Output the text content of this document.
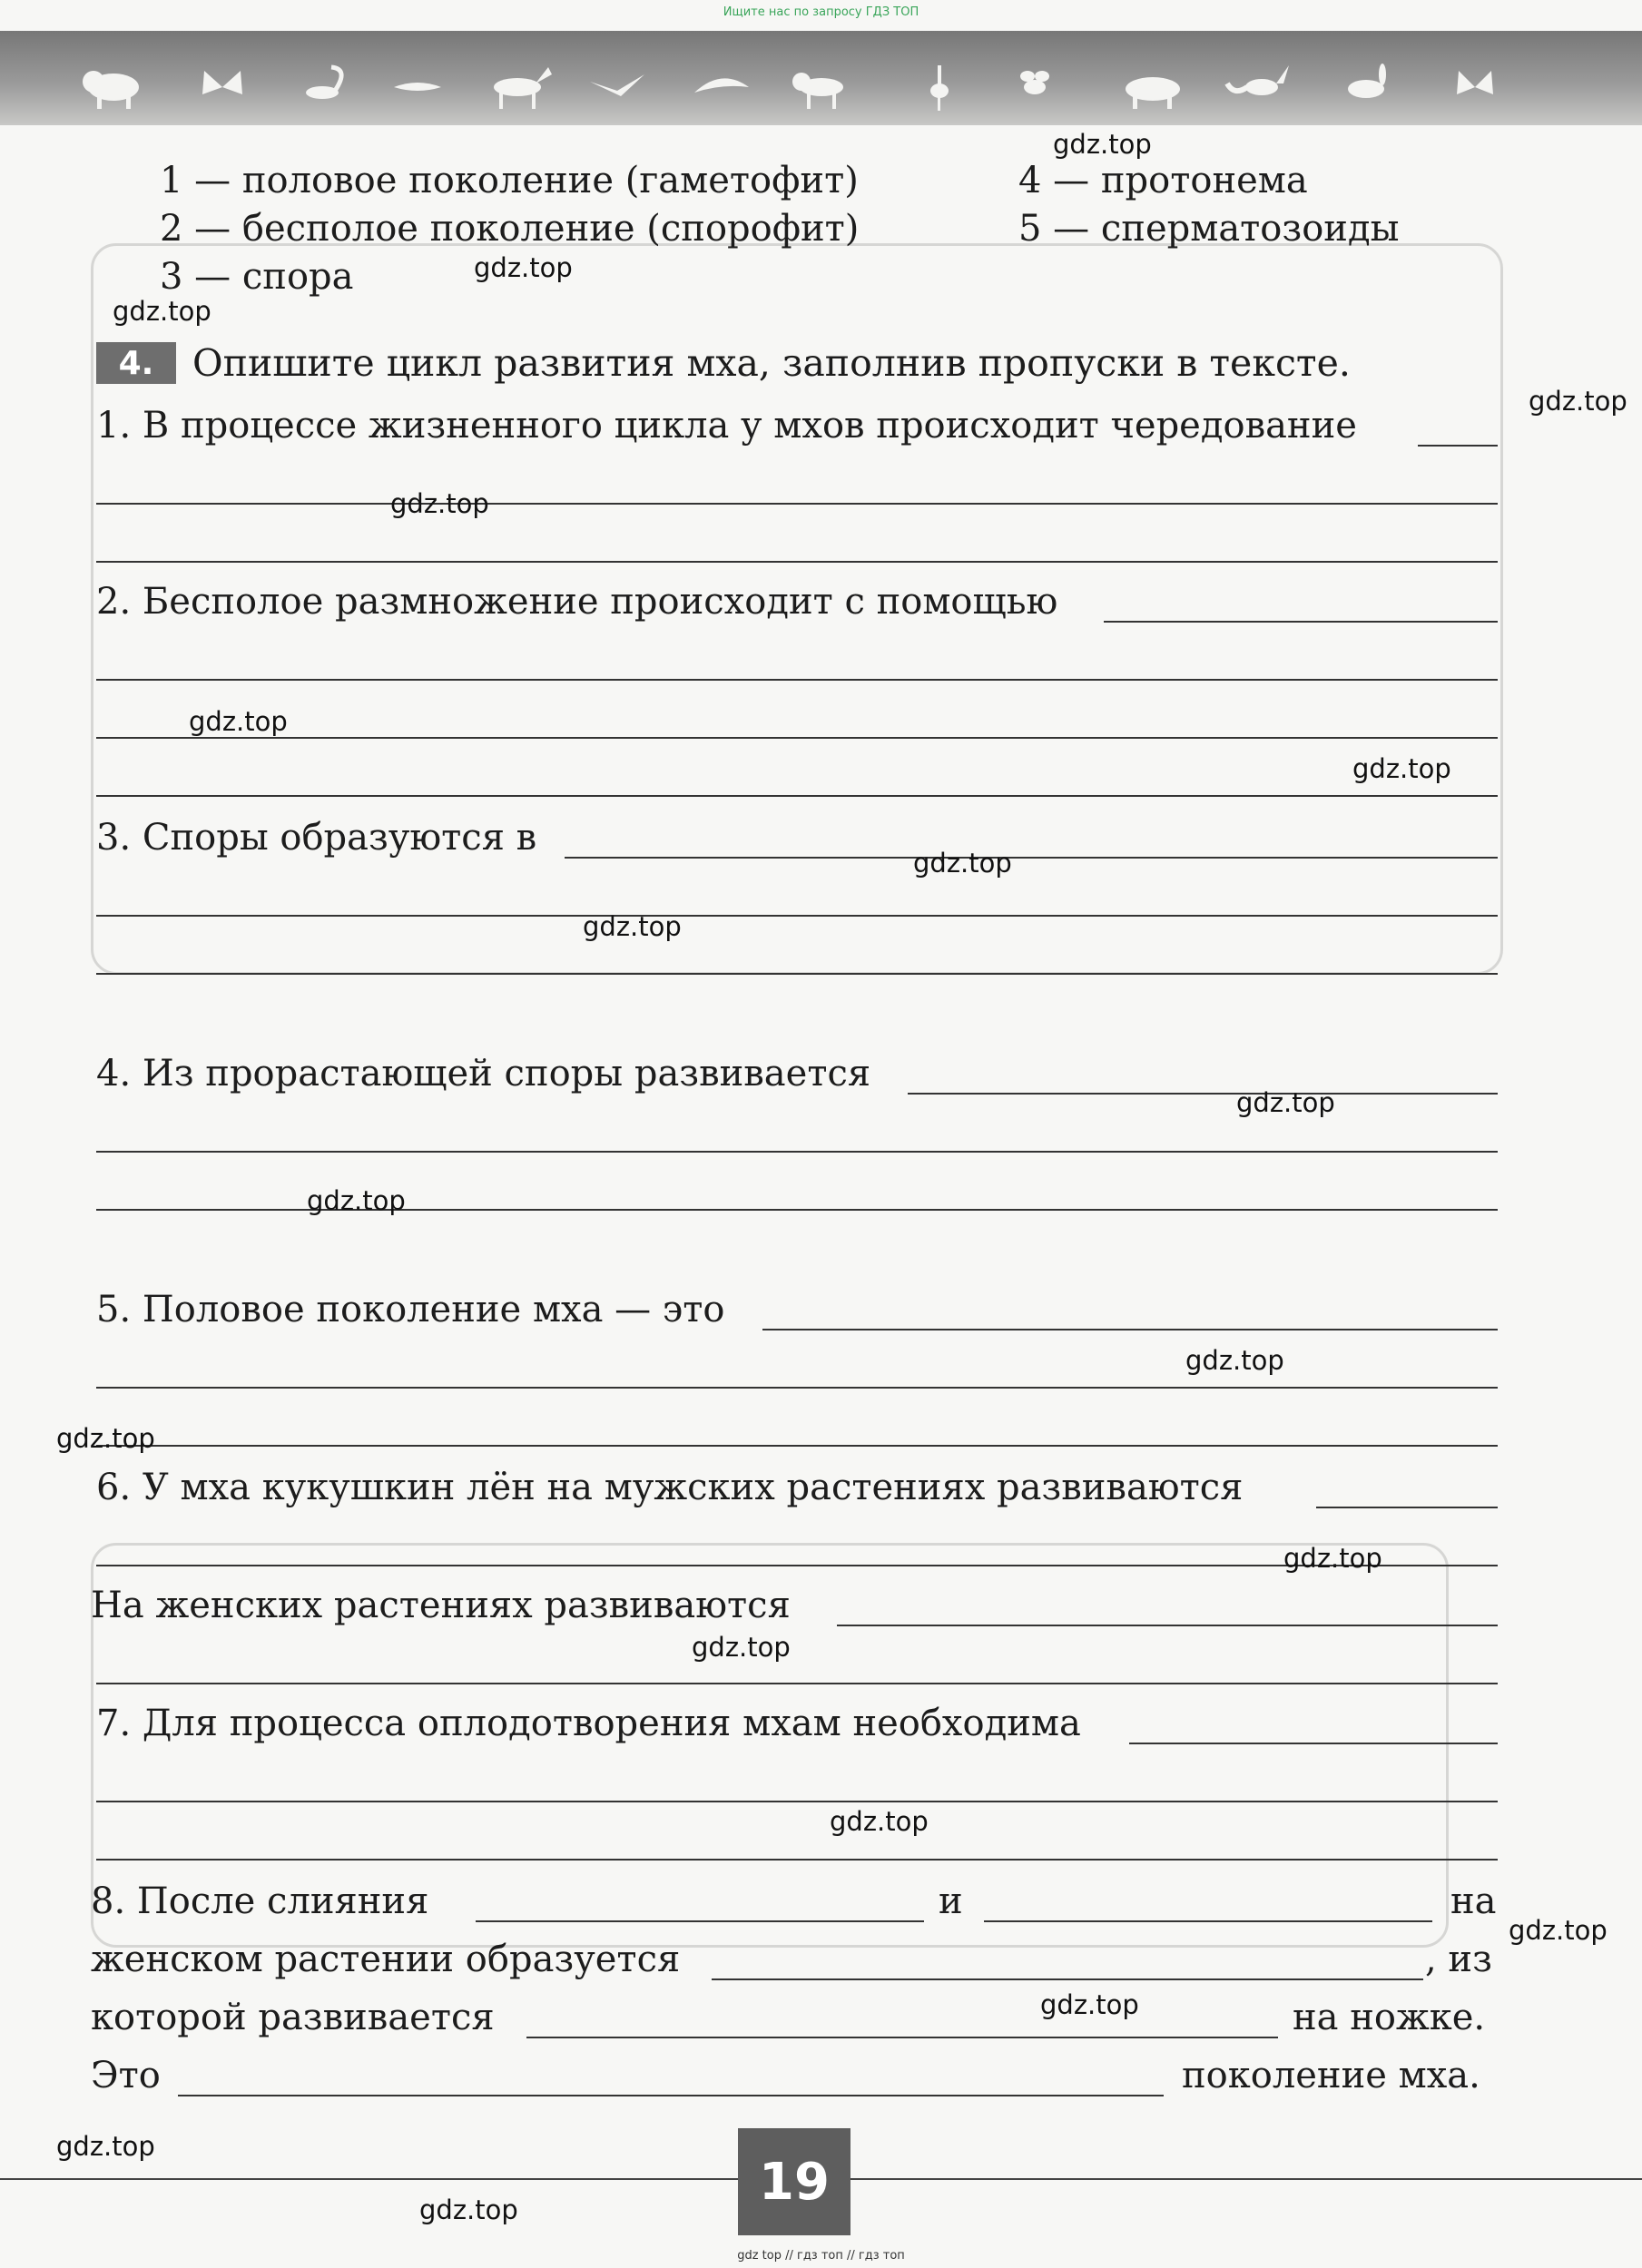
Ищите нас по запросу ГДЗ ТОП
1 — половое поколение (гаметофит)
2 — бесполое поколение (спорофит)
3 — спора
4 — протонема
5 — сперматозоиды
4.	Опишите цикл развития мха, заполнив пропуски в тексте.
1. В процессе жизненного цикла у мхов происходит чередование
2. Бесполое размножение происходит с помощью
3. Споры образуются в
4. Из прорастающей споры развивается
5. Половое поколение мха — это
6. У мха кукушкин лён на мужских растениях развиваются
На женских растениях развиваются
7. Для процесса оплодотворения мхам необходима
8. После слияния	и	на
женском растении образуется	, из
которой развивается	на ножке.
Это	поколение мха.
gdz.top
gdz.top
gdz.top
gdz.top
gdz.top
gdz.top
gdz.top
gdz.top
gdz.top
gdz.top
gdz.top
gdz.top
gdz.top
gdz.top
gdz.top
gdz.top
gdz.top
gdz.top
gdz.top
gdz.top	19
gdz top // гдз топ // гдз топ
